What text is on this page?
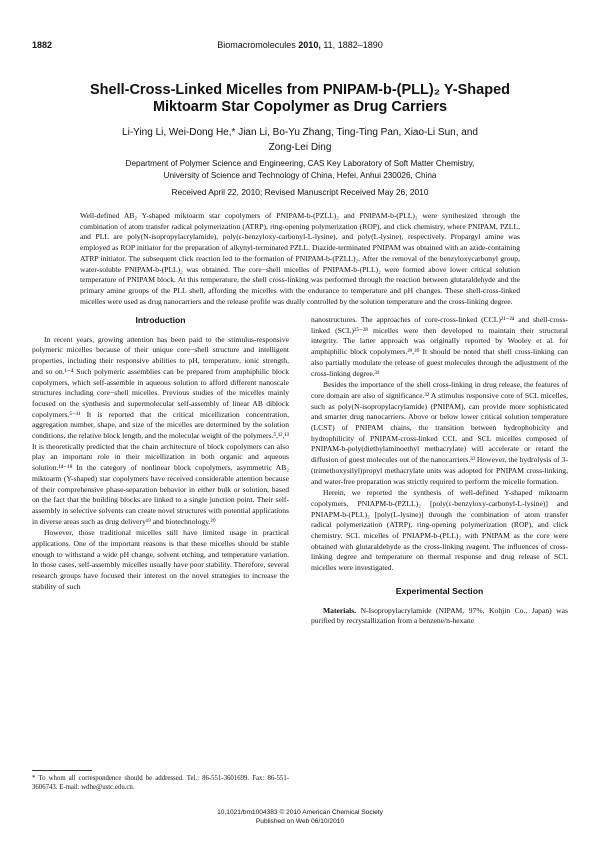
1882	Biomacromolecules 2010, 11, 1882–1890
Shell-Cross-Linked Micelles from PNIPAM-b-(PLL)₂ Y-Shaped
Miktoarm Star Copolymer as Drug Carriers
Li-Ying Li, Wei-Dong He,* Jian Li, Bo-Yu Zhang, Ting-Ting Pan, Xiao-Li Sun, and
Zong-Lei Ding
Department of Polymer Science and Engineering, CAS Key Laboratory of Soft Matter Chemistry,
University of Science and Technology of China, Hefei, Anhui 230026, China
Received April 22, 2010; Revised Manuscript Received May 26, 2010
Well-defined AB₂ Y-shaped miktoarm star copolymers of PNIPAM-b-(PZLL)₂ and PNIPAM-b-(PLL)₂ were synthesized through the combination of atom transfer radical polymerization (ATRP), ring-opening polymerization (ROP), and click chemistry, where PNIPAM, PZLL, and PLL are poly(N-isopropylacrylamide), poly(ε-benzyloxy-carbonyl-L-lysine), and poly(L-lysine), respectively. Propargyl amine was employed as ROP initiator for the preparation of alkynyl-terminated PZLL. Diazide-terminated PNIPAM was obtained with an azide-containing ATRP initiator. The subsequent click reaction led to the formation of PNIPAM-b-(PZLL)₂. After the removal of the benzyloxycarbonyl group, water-soluble PNIPAM-b-(PLL)₂ was obtained. The core−shell micelles of PNIPAM-b-(PLL)₂ were formed above lower critical solution temperature of PNIPAM block. At this temperature, the shell cross-linking was performed through the reaction between glutaraldehyde and the primary amine groups of the PLL shell, affording the micelles with the endurance to temperature and pH changes. These shell-cross-linked micelles were used as drug nanocarriers and the release profile was dually controlled by the solution temperature and the cross-linking degree.
Introduction

In recent years, growing attention has been paid to the stimulus-responsive polymeric micelles because of their unique core−shell structure and intelligent properties, including their responsive abilities to pH, temperature, ionic strength, and so on.¹⁻⁴ Such polymeric assemblies can be prepared from amphiphilic block copolymers, which self-assemble in aqueous solution to afford different nanoscale structures including core−shell micelles. Previous studies of the micelles mainly focused on the synthesis and supermolecular self-assembly of linear AB diblock copolymers.⁵⁻¹¹ It is reported that the critical micellization concentration, aggregation number, shape, and size of the micelles are determined by the solution conditions, the relative block length, and the molecular weight of the polymers.⁵,¹²,¹³ It is theoretically predicted that the chain architecture of block copolymers can also play an important role in their micellization in both organic and aqueous solution.¹⁴⁻¹⁸ In the category of nonlinear block copolymers, asymmetric AB₂ miktoarm (Y-shaped) star copolymers have received considerable attention because of their comprehensive phase-separation behavior in either bulk or solution, based on the fact that the building blocks are linked to a single junction point. Their self-assembly in selective solvents can create novel structures with potential applications in diverse areas such as drug delivery¹⁹ and biotechnology.²⁰

However, those traditional micelles still have limited usage in practical applications. One of the important reasons is that these micelles should be stable enough to withstand a wide pH change, solvent etching, and temperature variation. In those cases, self-assembly micelles usually have poor stability. Therefore, several research groups have focused their interest on the novel strategies to increase the stability of such

* To whom all correspondence should be addressed. Tel.: 86-551-3601699. Fax: 86-551-3606743. E-mail: wdhe@ustc.edu.cn.

nanostructures. The approaches of core-cross-linked (CCL)²¹⁻²⁴ and shell-cross-linked (SCL)²⁵⁻²⁸ micelles were then developed to maintain their structural integrity. The latter approach was originally reported by Wooley et al. for amphiphilic block copolymers.²⁹,³⁰ It should be noted that shell cross-linking can also partially modulate the release of guest molecules through the adjustment of the cross-linking degree.³¹

Besides the importance of the shell cross-linking in drug release, the features of core domain are also of significance.³² A stimulus responsive core of SCL micelles, such as poly(N-isopropylacrylamide) (PNIPAM), can provide more sophisticated and smarter drug nanocarriers. Above or below lower critical solution temperature (LCST) of PNIPAM chains, the transition between hydrophobicity and hydrophilicity of PNIPAM-cross-linked CCL and SCL micelles composed of PNIPAM-b-poly(diethylaminoethyl methacrylate) will accelerate or retard the diffusion of guest molecules out of the nanocarriers.³³ However, the hydrolysis of 3-(trimethoxysilyl)propyl methacrylate units was adopted for PNIPAM cross-linking, and water-free preparation was strictly required to perform the micelle formation.

Herein, we reported the synthesis of well-defined Y-shaped miktoarm copolymers, PNIAPM-b-(PZLL)₂ [poly(ε-benzyloxy-carbonyl-L-lysine)] and PNIAPM-b-(PLL)₂ [poly(L-lysine)] through the combination of atom transfer radical polymerization (ATRP), ring-opening polymerization (ROP), and click chemistry. SCL micelles of PNIAPM-b-(PLL)₂ with PNIPAM as the core were obtained with glutaraldehyde as the cross-linking reagent. The influences of cross-linking degree and temperature on thermal response and drug release of SCL micelles were investigated.

Experimental Section

Materials. N-Isopropylacrylamide (NIPAM, 97%, Kohjin Co., Japan) was purified by recrystallization from a benzene/n-hexane

10.1021/bm1004383 © 2010 American Chemical Society
Published on Web 06/10/2010
